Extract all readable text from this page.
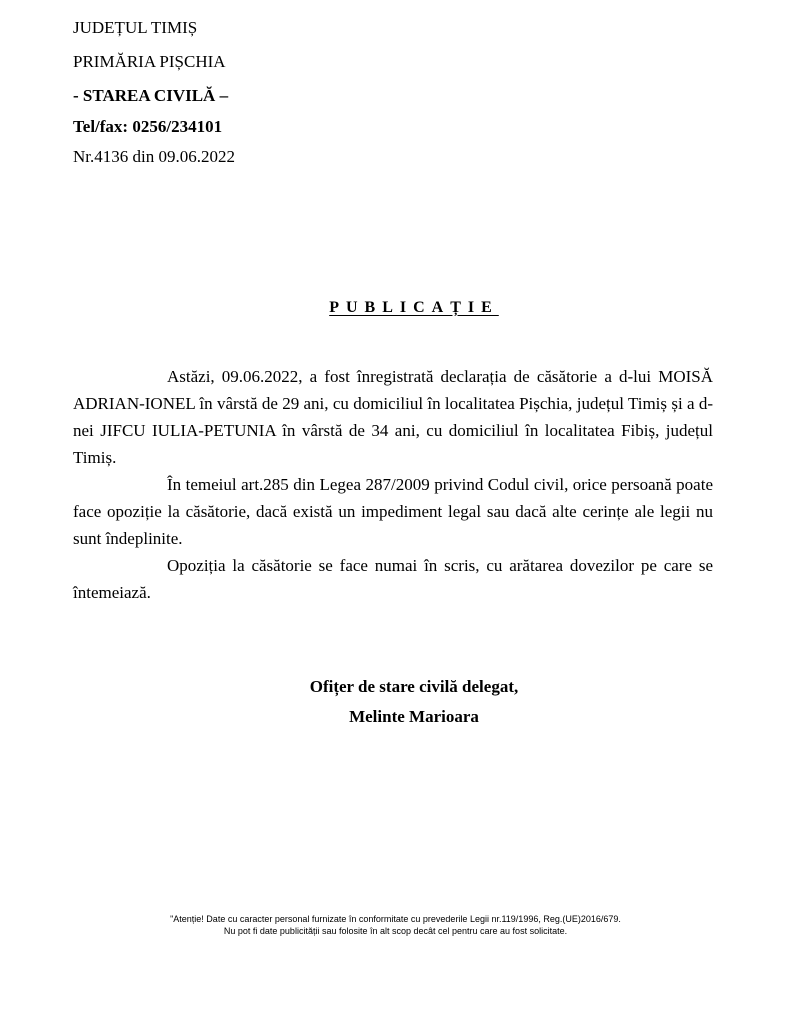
JUDEȚUL TIMIȘ
PRIMĂRIA PIȘCHIA
- STAREA CIVILĂ –
Tel/fax: 0256/234101
Nr.4136 din 09.06.2022
PUBLICAȚIE

Astăzi, 09.06.2022, a fost înregistrată declarația de căsătorie a d-lui MOISĂ ADRIAN-IONEL în vârstă de 29 ani, cu domiciliul în localitatea Pișchia, județul Timiș și a d-nei JIFCU IULIA-PETUNIA în vârstă de 34 ani, cu domiciliul în localitatea Fibiș, județul Timiș.

În temeiul art.285 din Legea 287/2009 privind Codul civil, orice persoană poate face opoziție la căsătorie, dacă există un impediment legal sau dacă alte cerințe ale legii nu sunt îndeplinite.

Opoziția la căsătorie se face numai în scris, cu arătarea dovezilor pe care se întemeiază.

Ofițer de stare civilă delegat,
Melinte Marioara
"Atenție! Date cu caracter personal furnizate în conformitate cu prevederile Legii nr.119/1996, Reg.(UE)2016/679.
Nu pot fi date publicității sau folosite în alt scop decât cel pentru care au fost solicitate.
